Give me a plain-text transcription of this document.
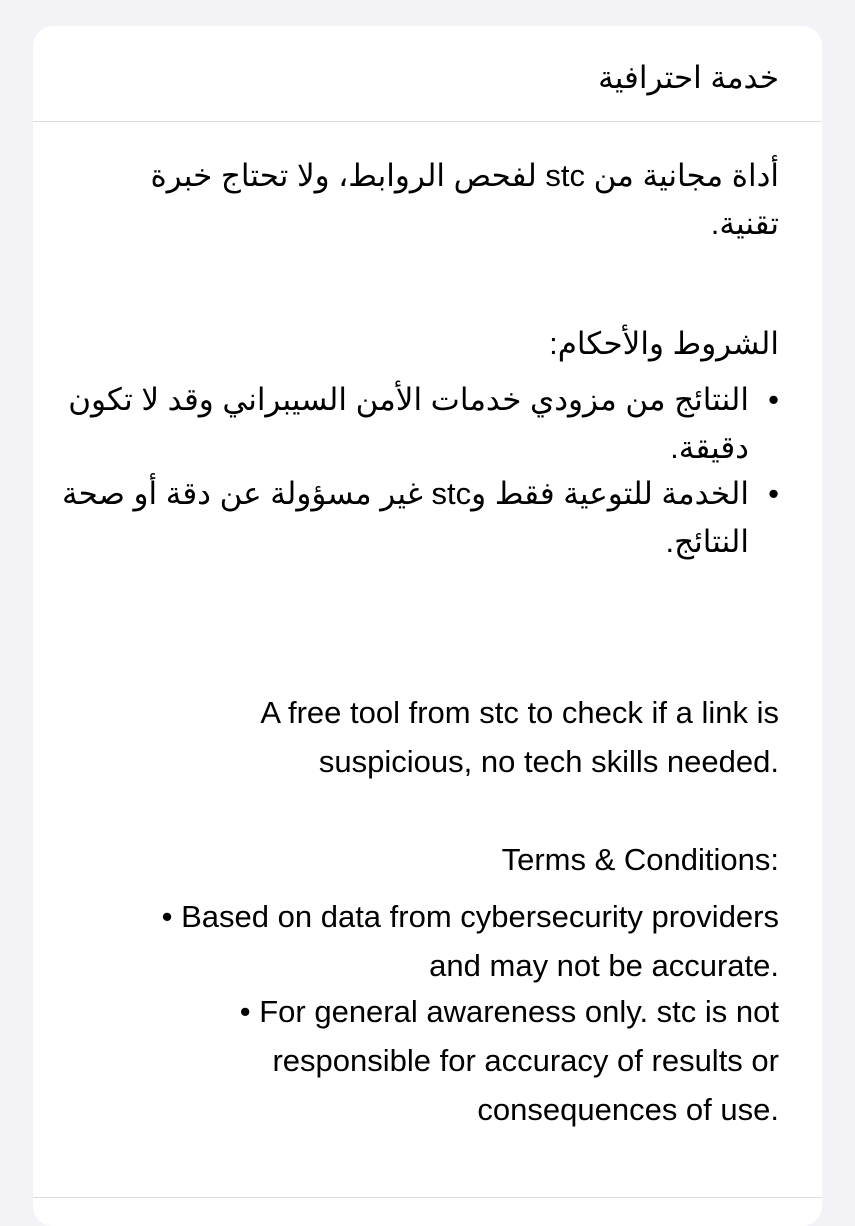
خدمة احترافية
أداة مجانية من stc لفحص الروابط، ولا تحتاج خبرة تقنية.
الشروط والأحكام:
•
النتائج من مزودي خدمات الأمن السيبراني وقد لا تكون دقيقة.
•
الخدمة للتوعية فقط وstc غير مسؤولة عن دقة أو صحة النتائج.
A free tool from stc to check if a link is suspicious, no tech skills needed.
Terms & Conditions:
• Based on data from cybersecurity providers and may not be accurate.
• For general awareness only. stc is not responsible for accuracy of results or consequences of use.
